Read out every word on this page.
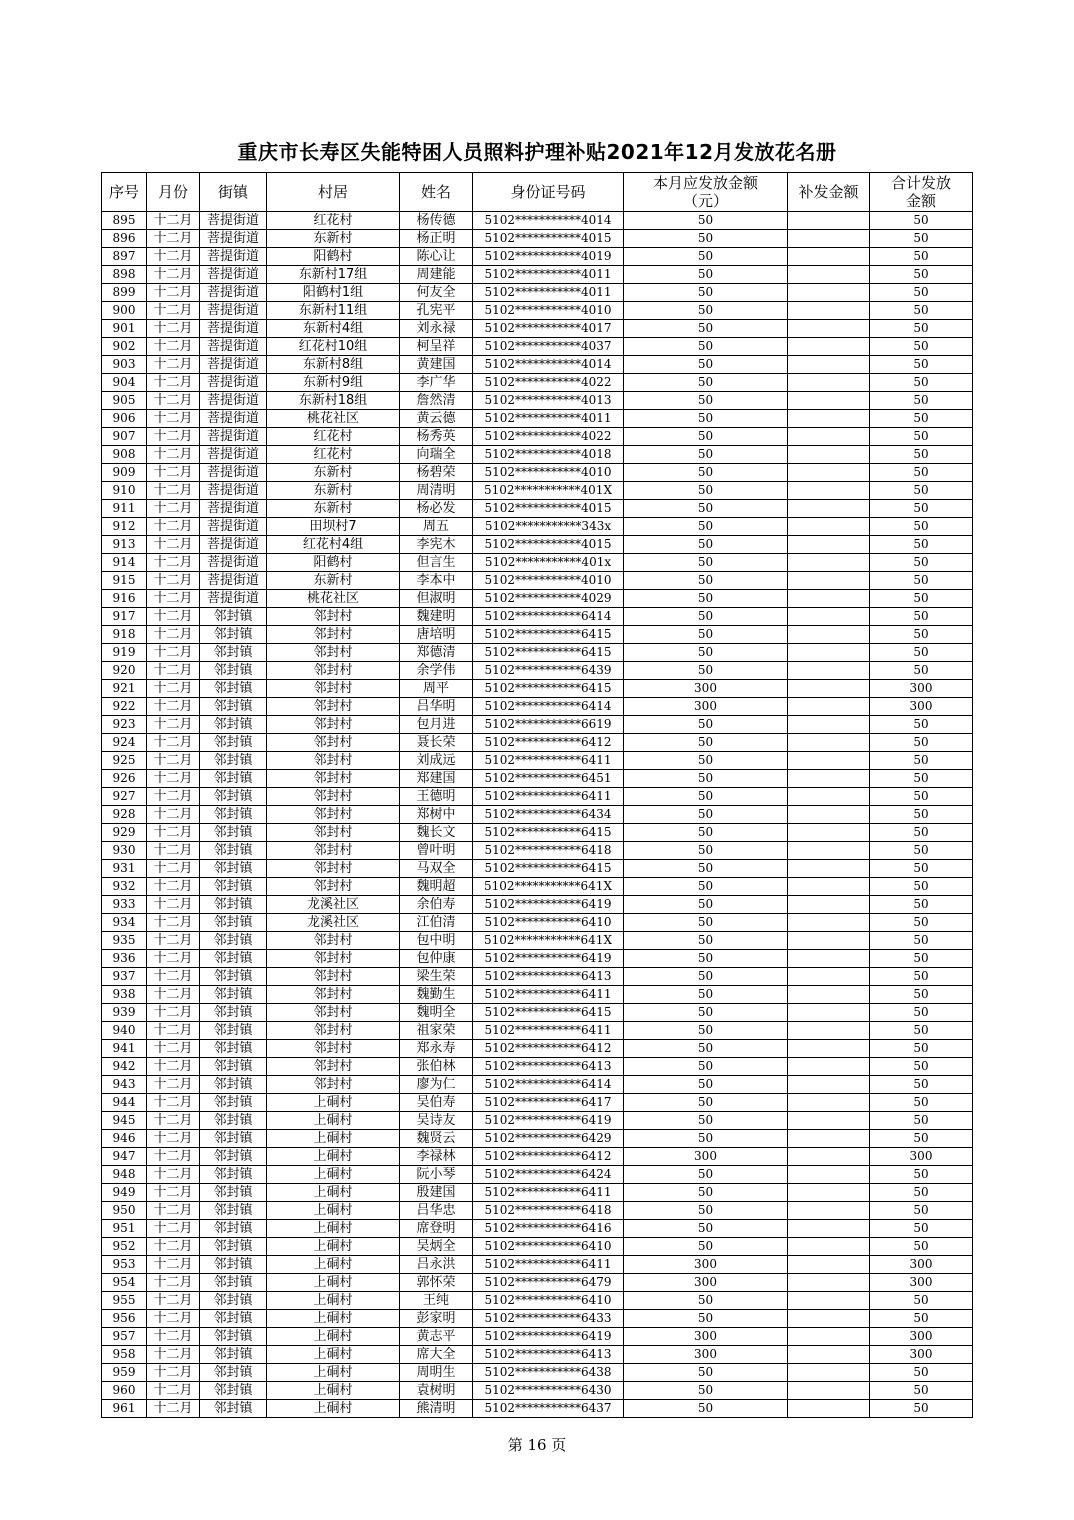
重庆市长寿区失能特困人员照料护理补贴2021年12月发放花名册
序号	月份	街镇	村居	姓名	身份证号码	本月应发放金额
（元）	补发金额	合计发放
金额
895	十二月	菩提街道	红花村	杨传德	5102***********4014	50		50
896	十二月	菩提街道	东新村	杨正明	5102***********4015	50		50
897	十二月	菩提街道	阳鹤村	陈心让	5102***********4019	50		50
898	十二月	菩提街道	东新村17组	周建能	5102***********4011	50		50
899	十二月	菩提街道	阳鹤村1组	何友全	5102***********4011	50		50
900	十二月	菩提街道	东新村11组	孔宪平	5102***********4010	50		50
901	十二月	菩提街道	东新村4组	刘永禄	5102***********4017	50		50
902	十二月	菩提街道	红花村10组	柯呈祥	5102***********4037	50		50
903	十二月	菩提街道	东新村8组	黄建国	5102***********4014	50		50
904	十二月	菩提街道	东新村9组	李广华	5102***********4022	50		50
905	十二月	菩提街道	东新村18组	詹然清	5102***********4013	50		50
906	十二月	菩提街道	桃花社区	黄云德	5102***********4011	50		50
907	十二月	菩提街道	红花村	杨秀英	5102***********4022	50		50
908	十二月	菩提街道	红花村	向瑞全	5102***********4018	50		50
909	十二月	菩提街道	东新村	杨碧荣	5102***********4010	50		50
910	十二月	菩提街道	东新村	周清明	5102***********401X	50		50
911	十二月	菩提街道	东新村	杨必发	5102***********4015	50		50
912	十二月	菩提街道	田坝村7	周五	5102***********343x	50		50
913	十二月	菩提街道	红花村4组	李宪木	5102***********4015	50		50
914	十二月	菩提街道	阳鹤村	但言生	5102***********401x	50		50
915	十二月	菩提街道	东新村	李本中	5102***********4010	50		50
916	十二月	菩提街道	桃花社区	但淑明	5102***********4029	50		50
917	十二月	邻封镇	邻封村	魏建明	5102***********6414	50		50
918	十二月	邻封镇	邻封村	唐培明	5102***********6415	50		50
919	十二月	邻封镇	邻封村	郑德清	5102***********6415	50		50
920	十二月	邻封镇	邻封村	余学伟	5102***********6439	50		50
921	十二月	邻封镇	邻封村	周平	5102***********6415	300		300
922	十二月	邻封镇	邻封村	吕华明	5102***********6414	300		300
923	十二月	邻封镇	邻封村	包月进	5102***********6619	50		50
924	十二月	邻封镇	邻封村	聂长荣	5102***********6412	50		50
925	十二月	邻封镇	邻封村	刘成远	5102***********6411	50		50
926	十二月	邻封镇	邻封村	郑建国	5102***********6451	50		50
927	十二月	邻封镇	邻封村	王德明	5102***********6411	50		50
928	十二月	邻封镇	邻封村	郑树中	5102***********6434	50		50
929	十二月	邻封镇	邻封村	魏长文	5102***********6415	50		50
930	十二月	邻封镇	邻封村	曾叶明	5102***********6418	50		50
931	十二月	邻封镇	邻封村	马双全	5102***********6415	50		50
932	十二月	邻封镇	邻封村	魏明超	5102***********641X	50		50
933	十二月	邻封镇	龙溪社区	余伯寿	5102***********6419	50		50
934	十二月	邻封镇	龙溪社区	江伯清	5102***********6410	50		50
935	十二月	邻封镇	邻封村	包中明	5102***********641X	50		50
936	十二月	邻封镇	邻封村	包仲康	5102***********6419	50		50
937	十二月	邻封镇	邻封村	梁生荣	5102***********6413	50		50
938	十二月	邻封镇	邻封村	魏勤生	5102***********6411	50		50
939	十二月	邻封镇	邻封村	魏明全	5102***********6415	50		50
940	十二月	邻封镇	邻封村	祖家荣	5102***********6411	50		50
941	十二月	邻封镇	邻封村	郑永寿	5102***********6412	50		50
942	十二月	邻封镇	邻封村	张伯林	5102***********6413	50		50
943	十二月	邻封镇	邻封村	廖为仁	5102***********6414	50		50
944	十二月	邻封镇	上硐村	吴伯寿	5102***********6417	50		50
945	十二月	邻封镇	上硐村	吴诗友	5102***********6419	50		50
946	十二月	邻封镇	上硐村	魏贤云	5102***********6429	50		50
947	十二月	邻封镇	上硐村	李禄林	5102***********6412	300		300
948	十二月	邻封镇	上硐村	阮小琴	5102***********6424	50		50
949	十二月	邻封镇	上硐村	殷建国	5102***********6411	50		50
950	十二月	邻封镇	上硐村	吕华忠	5102***********6418	50		50
951	十二月	邻封镇	上硐村	席登明	5102***********6416	50		50
952	十二月	邻封镇	上硐村	吴炳全	5102***********6410	50		50
953	十二月	邻封镇	上硐村	吕永洪	5102***********6411	300		300
954	十二月	邻封镇	上硐村	郭怀荣	5102***********6479	300		300
955	十二月	邻封镇	上硐村	王纯	5102***********6410	50		50
956	十二月	邻封镇	上硐村	彭家明	5102***********6433	50		50
957	十二月	邻封镇	上硐村	黄志平	5102***********6419	300		300
958	十二月	邻封镇	上硐村	席大全	5102***********6413	300		300
959	十二月	邻封镇	上硐村	周明生	5102***********6438	50		50
960	十二月	邻封镇	上硐村	袁树明	5102***********6430	50		50
961	十二月	邻封镇	上硐村	熊清明	5102***********6437	50		50
第 16 页
